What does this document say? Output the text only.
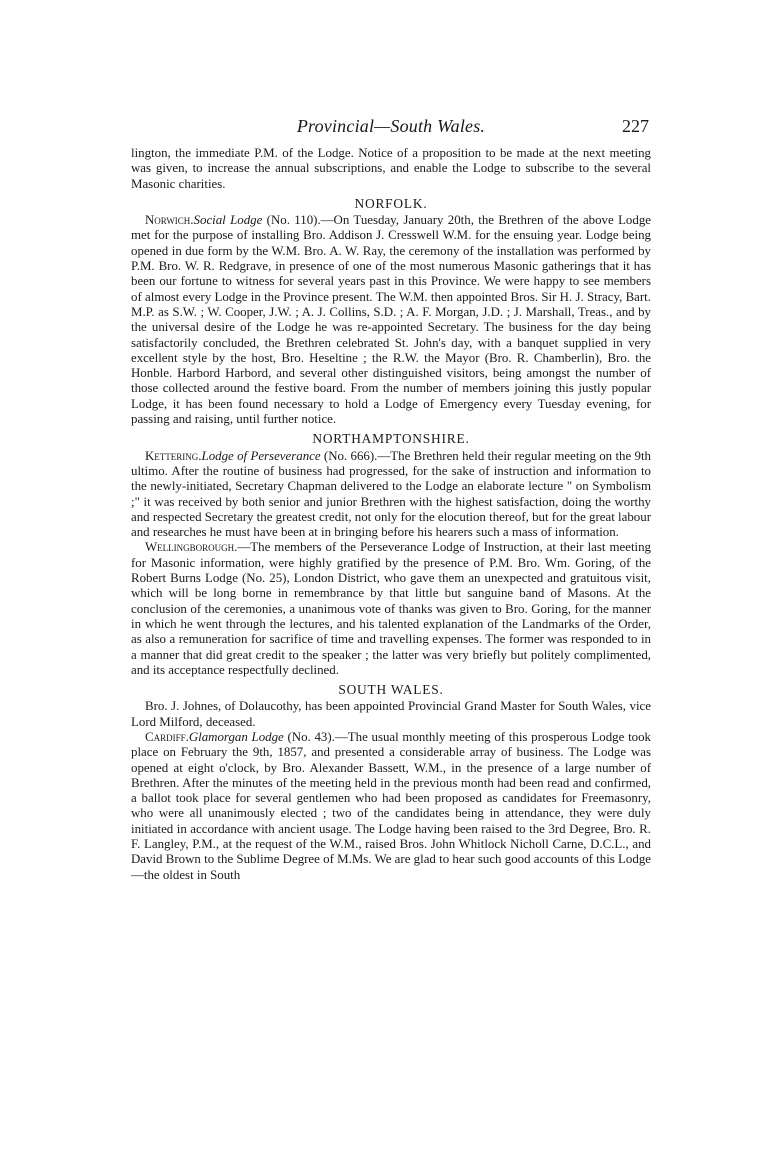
Provincial—South Wales.	227

lington, the immediate P.M. of the Lodge. Notice of a proposition to be made at the next meeting was given, to increase the annual subscriptions, and enable the Lodge to subscribe to the several Masonic charities.

NORFOLK.

Norwich.Social Lodge (No. 110).—On Tuesday, January 20th, the Brethren of the above Lodge met for the purpose of installing Bro. Addison J. Cresswell W.M. for the ensuing year. Lodge being opened in due form by the W.M. Bro. A. W. Ray, the ceremony of the installation was performed by P.M. Bro. W. R. Redgrave, in presence of one of the most numerous Masonic gatherings that it has been our fortune to witness for several years past in this Province. We were happy to see members of almost every Lodge in the Province present. The W.M. then appointed Bros. Sir H. J. Stracy, Bart. M.P. as S.W. ; W. Cooper, J.W. ; A. J. Collins, S.D. ; A. F. Morgan, J.D. ; J. Marshall, Treas., and by the universal desire of the Lodge he was re-appointed Secretary. The business for the day being satisfactorily concluded, the Brethren celebrated St. John's day, with a banquet supplied in very excellent style by the host, Bro. Heseltine ; the R.W. the Mayor (Bro. R. Chamberlin), Bro. the Honble. Harbord Harbord, and several other distinguished visitors, being amongst the number of those collected around the festive board. From the number of members joining this justly popular Lodge, it has been found necessary to hold a Lodge of Emergency every Tuesday evening, for passing and raising, until further notice.

NORTHAMPTONSHIRE.

Kettering.Lodge of Perseverance (No. 666).—The Brethren held their regular meeting on the 9th ultimo. After the routine of business had progressed, for the sake of instruction and information to the newly-initiated, Secretary Chapman delivered to the Lodge an elaborate lecture " on Symbolism ;" it was received by both senior and junior Brethren with the highest satisfaction, doing the worthy and respected Secretary the greatest credit, not only for the elocution thereof, but for the great labour and researches he must have been at in bringing before his hearers such a mass of information.

Wellingborough.—The members of the Perseverance Lodge of Instruction, at their last meeting for Masonic information, were highly gratified by the presence of P.M. Bro. Wm. Goring, of the Robert Burns Lodge (No. 25), London District, who gave them an unexpected and gratuitous visit, which will be long borne in remembrance by that little but sanguine band of Masons. At the conclusion of the ceremonies, a unanimous vote of thanks was given to Bro. Goring, for the manner in which he went through the lectures, and his talented explanation of the Landmarks of the Order, as also a remuneration for sacrifice of time and travelling expenses. The former was responded to in a manner that did great credit to the speaker ; the latter was very briefly but politely complimented, and its acceptance respectfully declined.

SOUTH WALES.

Bro. J. Johnes, of Dolaucothy, has been appointed Provincial Grand Master for South Wales, vice Lord Milford, deceased.

Cardiff.Glamorgan Lodge (No. 43).—The usual monthly meeting of this prosperous Lodge took place on February the 9th, 1857, and presented a considerable array of business. The Lodge was opened at eight o'clock, by Bro. Alexander Bassett, W.M., in the presence of a large number of Brethren. After the minutes of the meeting held in the previous month had been read and confirmed, a ballot took place for several gentlemen who had been proposed as candidates for Freemasonry, who were all unanimously elected ; two of the candidates being in attendance, they were duly initiated in accordance with ancient usage. The Lodge having been raised to the 3rd Degree, Bro. R. F. Langley, P.M., at the request of the W.M., raised Bros. John Whitlock Nicholl Carne, D.C.L., and David Brown to the Sublime Degree of M.Ms. We are glad to hear such good accounts of this Lodge—the oldest in South
